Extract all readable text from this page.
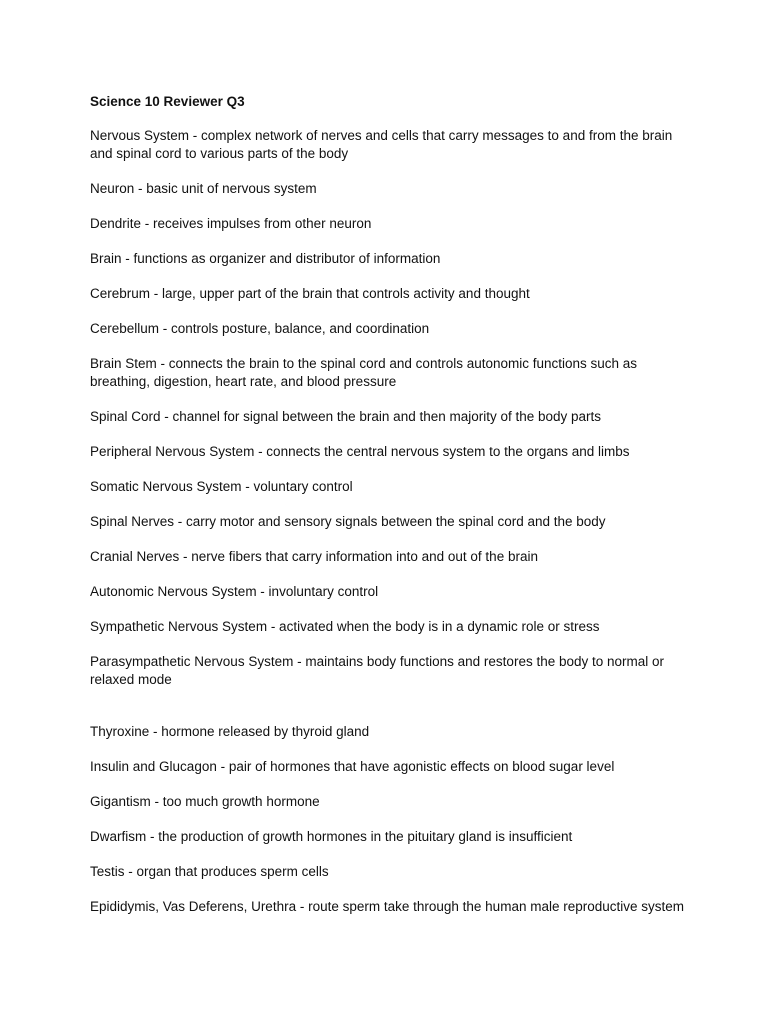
Science 10 Reviewer Q3

Nervous System - complex network of nerves and cells that carry messages to and from the brain and spinal cord to various parts of the body

Neuron - basic unit of nervous system

Dendrite - receives impulses from other neuron

Brain - functions as organizer and distributor of information

Cerebrum - large, upper part of the brain that controls activity and thought

Cerebellum - controls posture, balance, and coordination

Brain Stem - connects the brain to the spinal cord and controls autonomic functions such as breathing, digestion, heart rate, and blood pressure

Spinal Cord - channel for signal between the brain and then majority of the body parts

Peripheral Nervous System - connects the central nervous system to the organs and limbs

Somatic Nervous System - voluntary control

Spinal Nerves - carry motor and sensory signals between the spinal cord and the body

Cranial Nerves - nerve fibers that carry information into and out of the brain

Autonomic Nervous System - involuntary control

Sympathetic Nervous System - activated when the body is in a dynamic role or stress

Parasympathetic Nervous System - maintains body functions and restores the body to normal or relaxed mode

Thyroxine - hormone released by thyroid gland

Insulin and Glucagon - pair of hormones that have agonistic effects on blood sugar level

Gigantism - too much growth hormone

Dwarfism - the production of growth hormones in the pituitary gland is insufficient

Testis - organ that produces sperm cells

Epididymis, Vas Deferens, Urethra - route sperm take through the human male reproductive system
